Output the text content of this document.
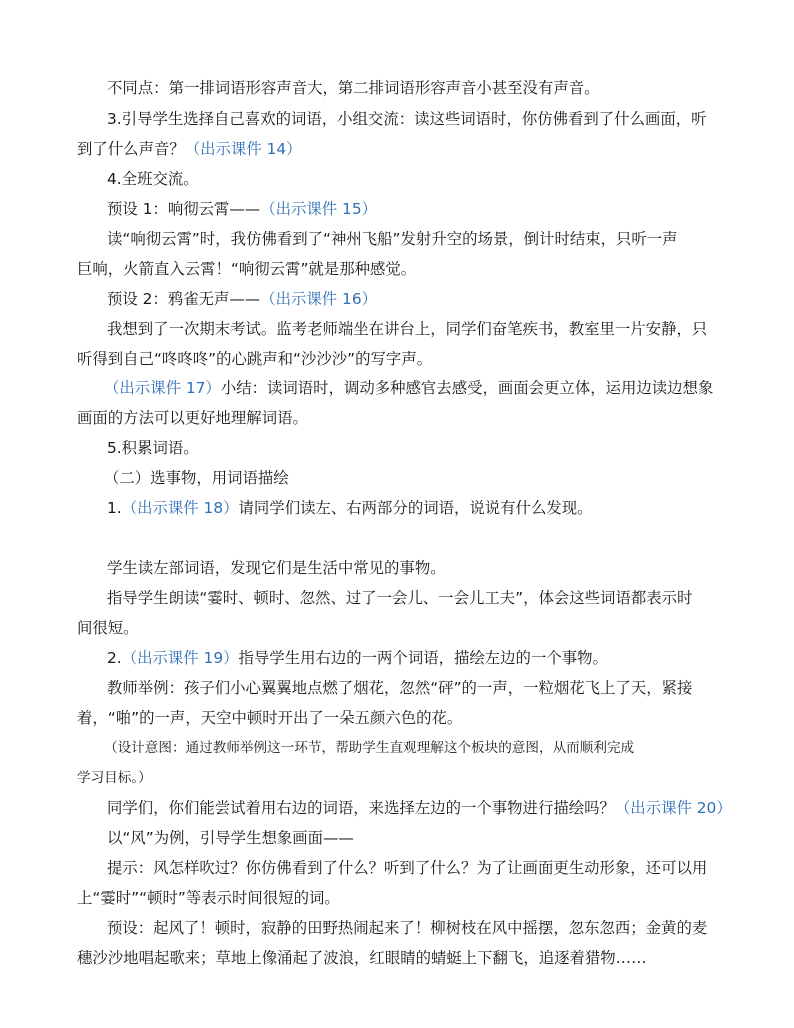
不同点：第一排词语形容声音大，第二排词语形容声音小甚至没有声音。
3.引导学生选择自己喜欢的词语，小组交流：读这些词语时，你仿佛看到了什么画面，听
到了什么声音？（出示课件 14）
4.全班交流。
预设 1：响彻云霄——（出示课件 15）
读“响彻云霄”时，我仿佛看到了“神州飞船”发射升空的场景，倒计时结束，只听一声
巨响，火箭直入云霄！“响彻云霄”就是那种感觉。
预设 2：鸦雀无声——（出示课件 16）
我想到了一次期末考试。监考老师端坐在讲台上，同学们奋笔疾书，教室里一片安静，只
听得到自己“咚咚咚”的心跳声和“沙沙沙”的写字声。
（出示课件 17）小结：读词语时，调动多种感官去感受，画面会更立体，运用边读边想象
画面的方法可以更好地理解词语。
5.积累词语。
（二）选事物，用词语描绘
1.（出示课件 18）请同学们读左、右两部分的词语，说说有什么发现。
学生读左部词语，发现它们是生活中常见的事物。
指导学生朗读“霎时、顿时、忽然、过了一会儿、一会儿工夫”，体会这些词语都表示时
间很短。
2.（出示课件 19）指导学生用右边的一两个词语，描绘左边的一个事物。
教师举例：孩子们小心翼翼地点燃了烟花，忽然“砰”的一声，一粒烟花飞上了天，紧接
着，“啪”的一声，天空中顿时开出了一朵五颜六色的花。
（设计意图：通过教师举例这一环节，帮助学生直观理解这个板块的意图，从而顺利完成
学习目标。）
同学们，你们能尝试着用右边的词语，来选择左边的一个事物进行描绘吗？（出示课件 20）
以“风”为例，引导学生想象画面——
提示：风怎样吹过？你仿佛看到了什么？听到了什么？为了让画面更生动形象，还可以用
上“霎时”“顿时”等表示时间很短的词。
预设：起风了！顿时，寂静的田野热闹起来了！柳树枝在风中摇摆，忽东忽西；金黄的麦
穗沙沙地唱起歌来；草地上像涌起了波浪，红眼睛的蜻蜓上下翻飞，追逐着猎物……
